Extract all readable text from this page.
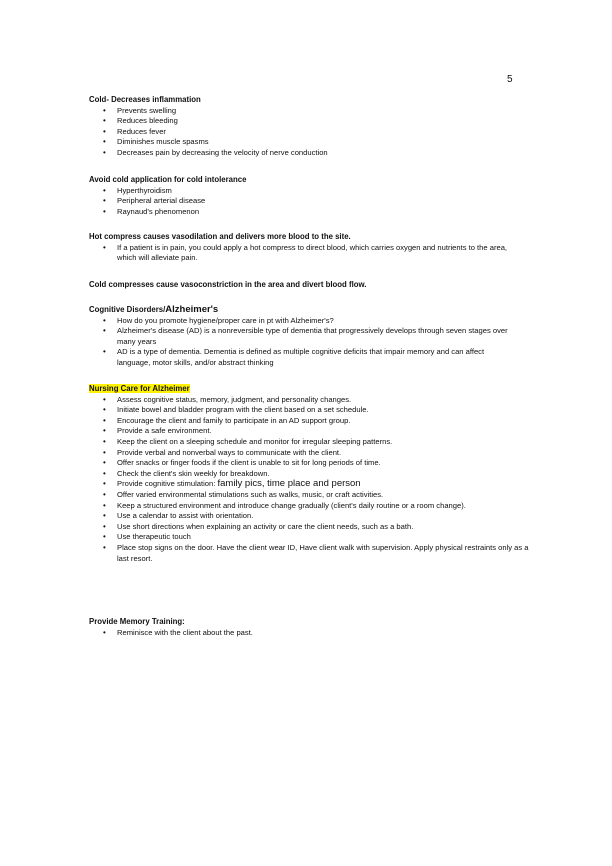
5

Cold- Decreases inflammation

• Prevents swelling
• Reduces bleeding
• Reduces fever
• Diminishes muscle spasms
• Decreases pain by decreasing the velocity of nerve conduction

Avoid cold application for cold intolerance

• Hyperthyroidism
• Peripheral arterial disease
• Raynaud's phenomenon

Hot compress causes vasodilation and delivers more blood to the site.

• If a patient is in pain, you could apply a hot compress to direct blood, which carries oxygen and nutrients to the area, which will alleviate pain.

Cold compresses cause vasoconstriction in the area and divert blood flow.

Cognitive Disorders/Alzheimer's

• How do you promote hygiene/proper care in pt with Alzheimer's?
• Alzheimer's disease (AD) is a nonreversible type of dementia that progressively develops through seven stages over many years
• AD is a type of dementia. Dementia is defined as multiple cognitive deficits that impair memory and can affect language, motor skills, and/or abstract thinking

Nursing Care for Alzheimer

• Assess cognitive status, memory, judgment, and personality changes.
• Initiate bowel and bladder program with the client based on a set schedule.
• Encourage the client and family to participate in an AD support group.
• Provide a safe environment.
• Keep the client on a sleeping schedule and monitor for irregular sleeping patterns.
• Provide verbal and nonverbal ways to communicate with the client.
• Offer snacks or finger foods if the client is unable to sit for long periods of time.
• Check the client's skin weekly for breakdown.
• Provide cognitive stimulation: family pics, time place and person
• Offer varied environmental stimulations such as walks, music, or craft activities.
• Keep a structured environment and introduce change gradually (client's daily routine or a room change).
• Use a calendar to assist with orientation.
• Use short directions when explaining an activity or care the client needs, such as a bath.
• Use therapeutic touch
• Place stop signs on the door. Have the client wear ID, Have client walk with supervision. Apply physical restraints only as a last resort.

Provide Memory Training:

• Reminisce with the client about the past.
